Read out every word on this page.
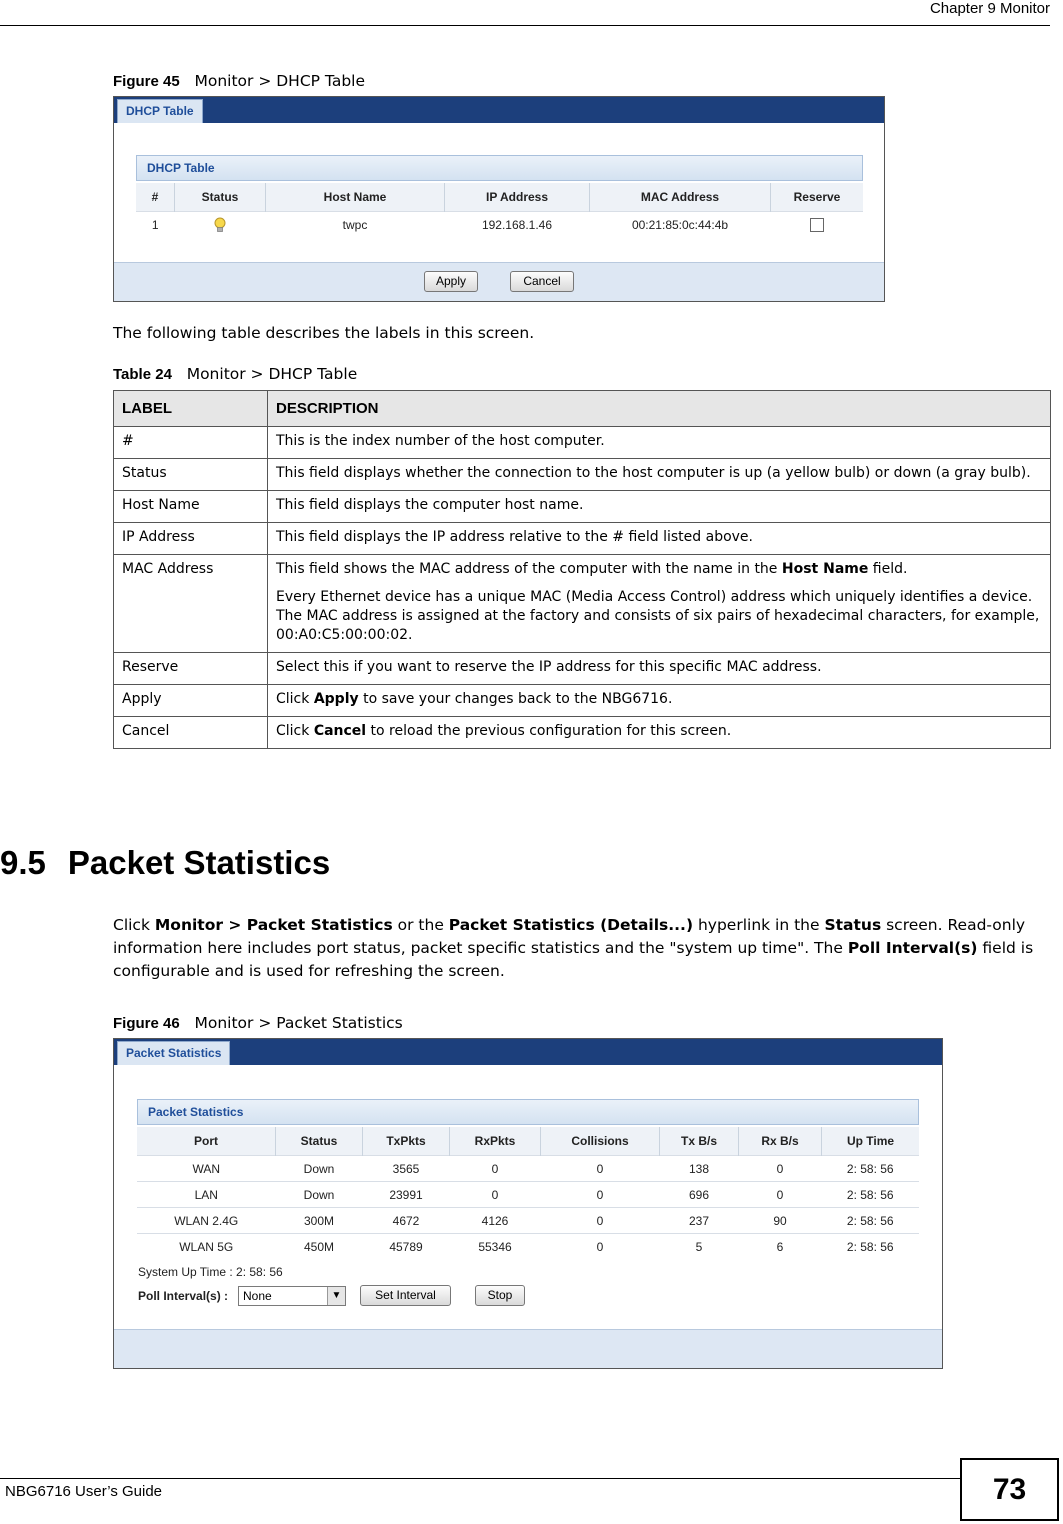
Chapter 9 Monitor
Figure 45 Monitor > DHCP Table
DHCP Table
DHCP Table
#	Status	Host Name	IP Address	MAC Address	Reserve
1		twpc	192.168.1.46	00:21:85:0c:44:4b	
Apply	Cancel
The following table describes the labels in this screen.
Table 24 Monitor > DHCP Table
LABEL	DESCRIPTION
#	This is the index number of the host computer.
Status	This field displays whether the connection to the host computer is up (a yellow bulb) or down (a gray bulb).
Host Name	This field displays the computer host name.
IP Address	This field displays the IP address relative to the # field listed above.
MAC Address	This field shows the MAC address of the computer with the name in the Host Name field.

Every Ethernet device has a unique MAC (Media Access Control) address which uniquely identifies a device. The MAC address is assigned at the factory and consists of six pairs of hexadecimal characters, for example, 00:A0:C5:00:00:02.

Reserve	Select this if you want to reserve the IP address for this specific MAC address.
Apply	Click Apply to save your changes back to the NBG6716.
Cancel	Click Cancel to reload the previous configuration for this screen.
9.5 Packet Statistics
Click Monitor > Packet Statistics or the Packet Statistics (Details...) hyperlink in the Status screen. Read-only information here includes port status, packet specific statistics and the "system up time". The Poll Interval(s) field is configurable and is used for refreshing the screen.
Figure 46 Monitor > Packet Statistics
Packet Statistics
Packet Statistics
Port	Status	TxPkts	RxPkts	Collisions	Tx B/s	Rx B/s	Up Time
WAN	Down	3565	0	0	138	0	2: 58: 56
LAN	Down	23991	0	0	696	0	2: 58: 56
WLAN 2.4G	300M	4672	4126	0	237	90	2: 58: 56
WLAN 5G	450M	45789	55346	0	5	6	2: 58: 56
System Up Time : 2: 58: 56
Poll Interval(s) :	None	▼	Set Interval	Stop
NBG6716 User’s Guide	73
